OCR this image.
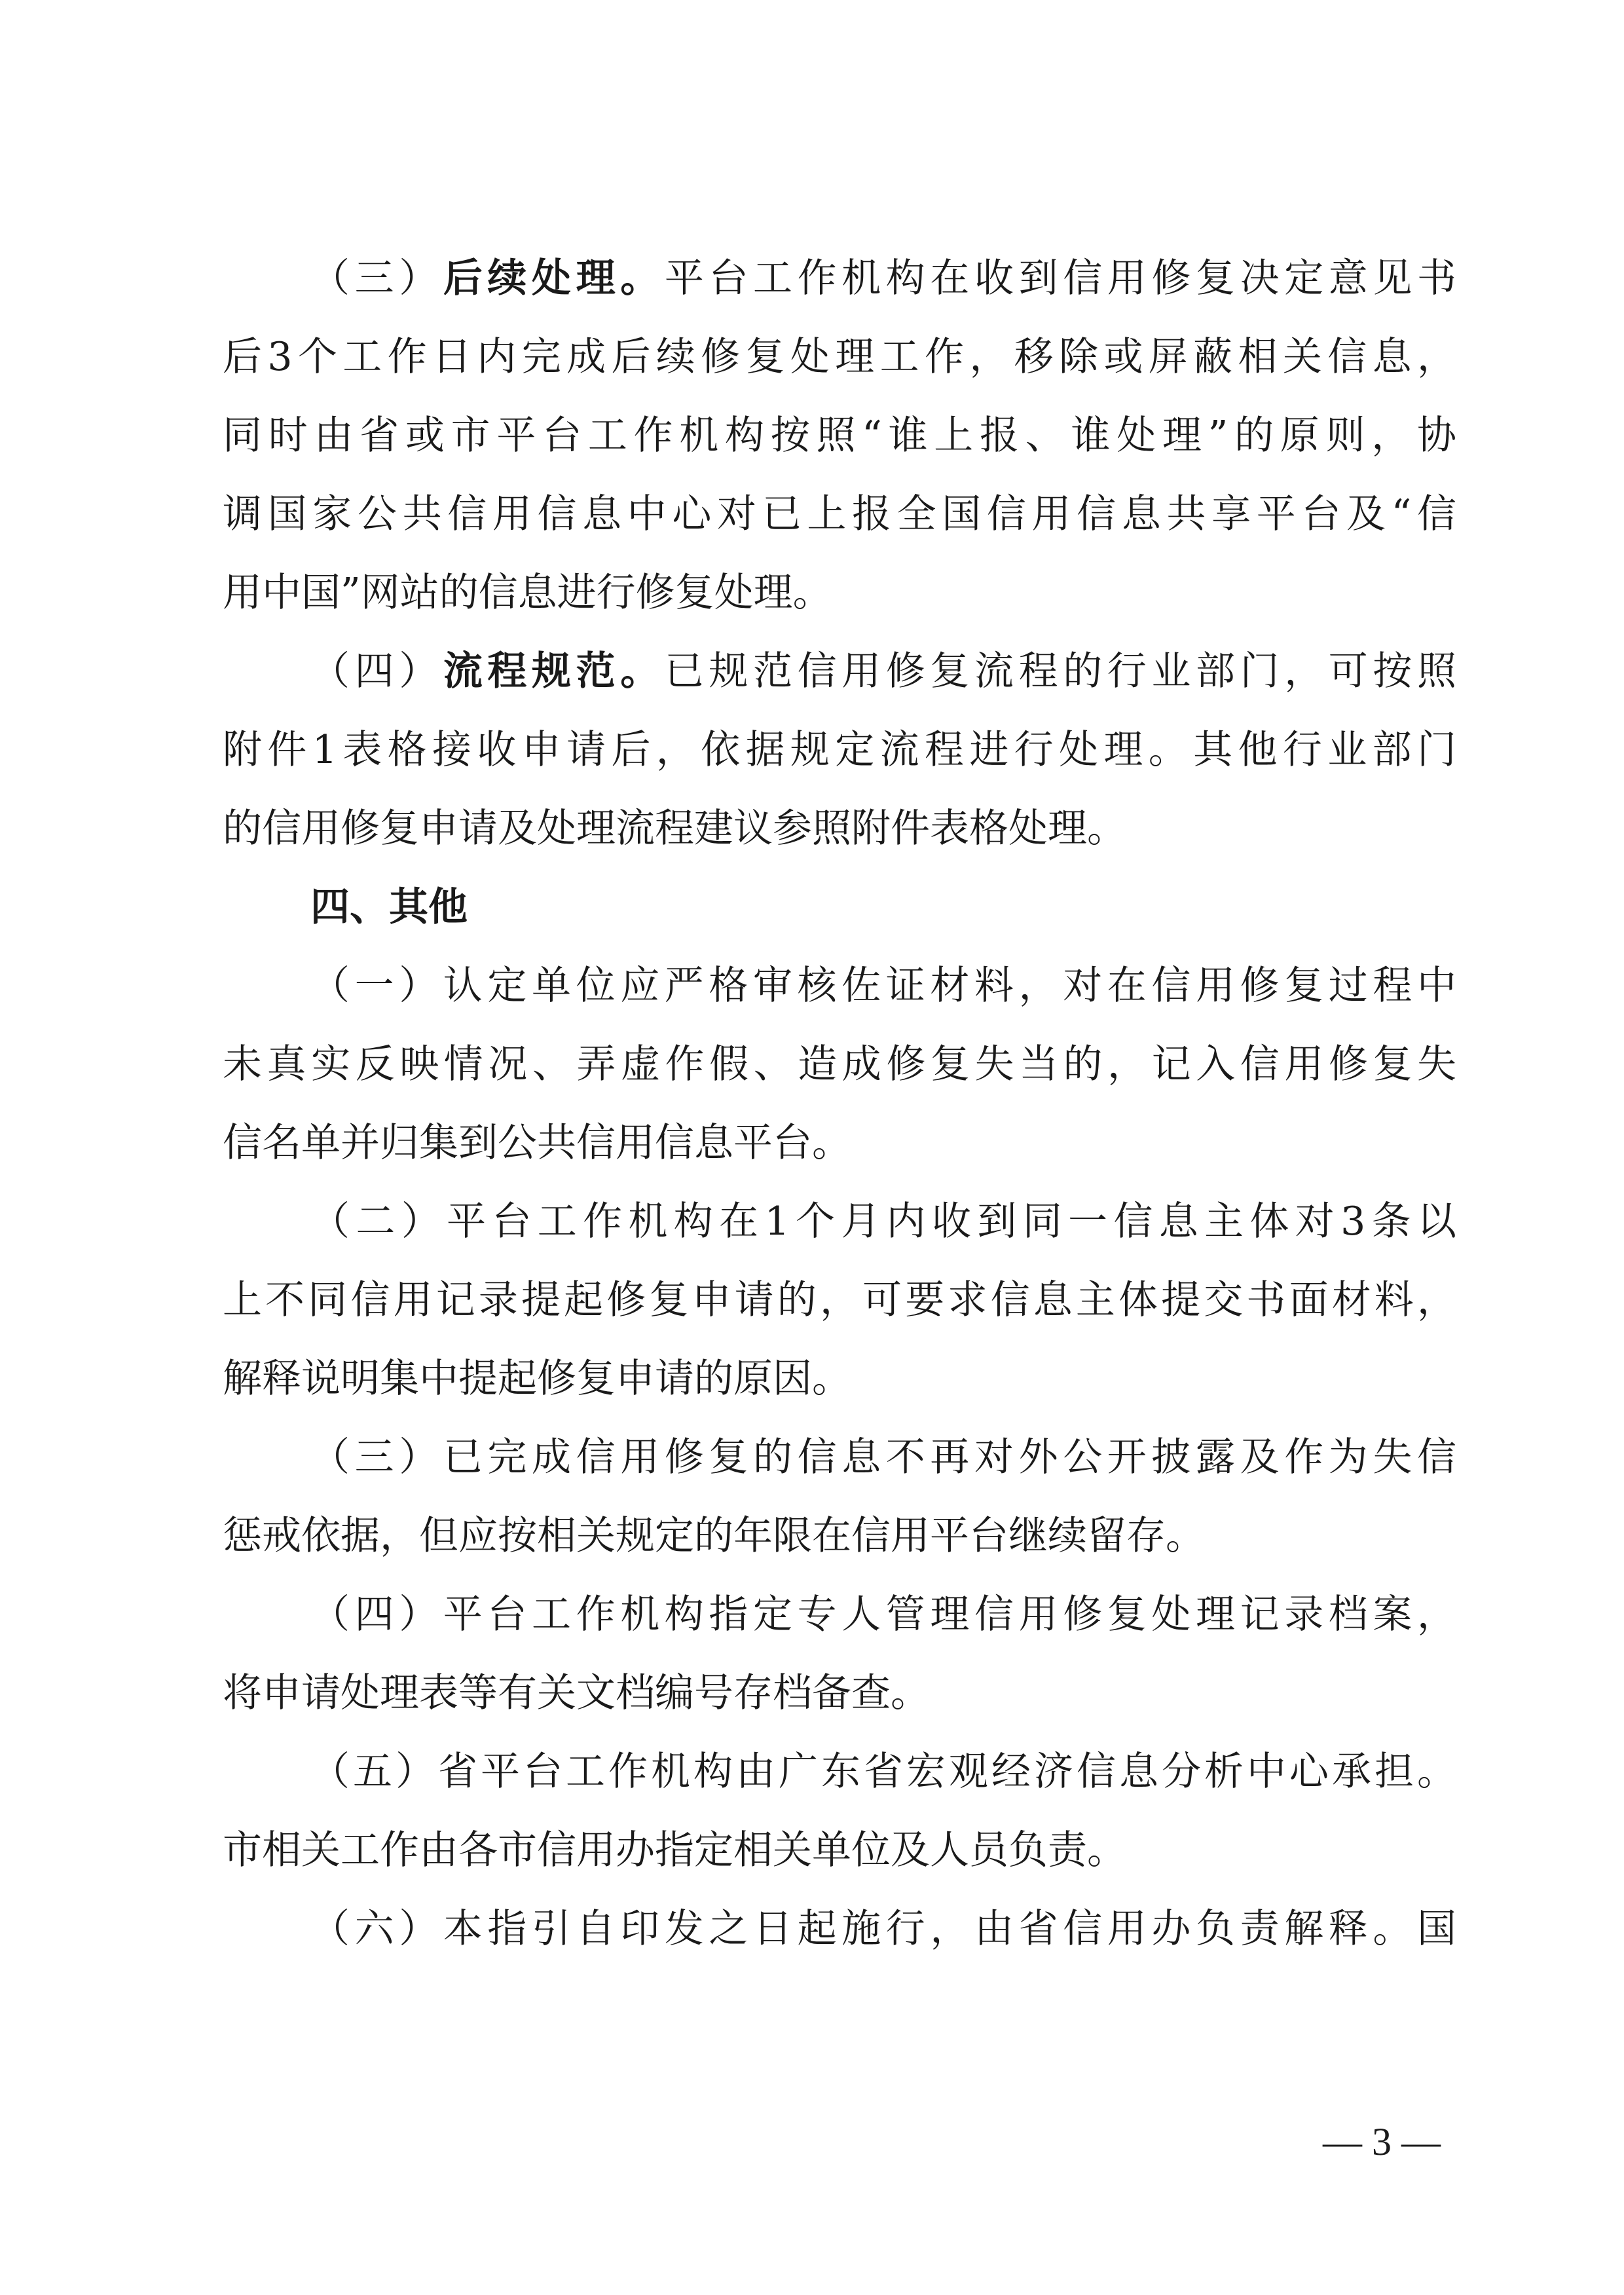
（三）后续处理。平台工作机构在收到信用修复决定意见书
后3个工作日内完成后续修复处理工作，移除或屏蔽相关信息，
同时由省或市平台工作机构按照“谁上报、谁处理”的原则，协
调国家公共信用信息中心对已上报全国信用信息共享平台及“信
用中国”网站的信息进行修复处理。
（四）流程规范。已规范信用修复流程的行业部门，可按照
附件1表格接收申请后，依据规定流程进行处理。其他行业部门
的信用修复申请及处理流程建议参照附件表格处理。
四、其他
（一）认定单位应严格审核佐证材料，对在信用修复过程中
未真实反映情况、弄虚作假、造成修复失当的，记入信用修复失
信名单并归集到公共信用信息平台。
（二）平台工作机构在1个月内收到同一信息主体对3条以
上不同信用记录提起修复申请的，可要求信息主体提交书面材料，
解释说明集中提起修复申请的原因。
（三）已完成信用修复的信息不再对外公开披露及作为失信
惩戒依据，但应按相关规定的年限在信用平台继续留存。
（四）平台工作机构指定专人管理信用修复处理记录档案，
将申请处理表等有关文档编号存档备查。
（五）省平台工作机构由广东省宏观经济信息分析中心承担。
市相关工作由各市信用办指定相关单位及人员负责。
（六）本指引自印发之日起施行，由省信用办负责解释。国
— 3 —
